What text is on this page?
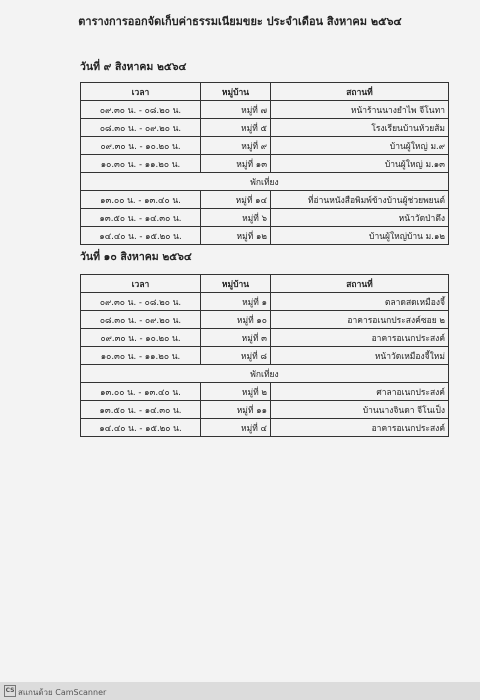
ตารางการออกจัดเก็บค่าธรรมเนียมขยะ ประจำเดือน สิงหาคม ๒๕๖๔
วันที่ ๙ สิงหาคม ๒๕๖๔
เวลา	หมู่บ้าน	สถานที่
๐๙.๓๐ น. - ๐๘.๒๐ น.	หมู่ที่ ๗	หน้าร้านนางยำไพ จีโนทา
๐๘.๓๐ น. - ๐๙.๒๐ น.	หมู่ที่ ๕	โรงเรียนบ้านห้วยส้ม
๐๙.๓๐ น. - ๑๐.๒๐ น.	หมู่ที่ ๙	บ้านผู้ใหญ่ ม.๙
๑๐.๓๐ น. - ๑๑.๒๐ น.	หมู่ที่ ๑๓	บ้านผู้ใหญ่ ม.๑๓
พักเที่ยง		
๑๓.๐๐ น. - ๑๓.๔๐ น.	หมู่ที่ ๑๔	ที่อ่านหนังสือพิมพ์ข้างบ้านผู้ช่วยพยนต์
๑๓.๕๐ น. - ๑๔.๓๐ น.	หมู่ที่ ๖	หน้าวัดป่าตึง
๑๔.๔๐ น. - ๑๕.๒๐ น.	หมู่ที่ ๑๒	บ้านผู้ใหญ่บ้าน ม.๑๒
วันที่ ๑๐ สิงหาคม ๒๕๖๔
เวลา	หมู่บ้าน	สถานที่
๐๙.๓๐ น. - ๐๘.๒๐ น.	หมู่ที่ ๑	ตลาดสดเหมืองจี้
๐๘.๓๐ น. - ๐๙.๒๐ น.	หมู่ที่ ๑๐	อาคารอเนกประสงค์ซอย ๒
๐๙.๓๐ น. - ๑๐.๒๐ น.	หมู่ที่ ๓	อาคารอเนกประสงค์
๑๐.๓๐ น. - ๑๑.๒๐ น.	หมู่ที่ ๘	หน้าวัดเหมืองจี้ใหม่
พักเที่ยง		
๑๓.๐๐ น. - ๑๓.๔๐ น.	หมู่ที่ ๒	ศาลาอเนกประสงค์
๑๓.๕๐ น. - ๑๔.๓๐ น.	หมู่ที่ ๑๑	บ้านนางจินดา จีโนเป็ง
๑๔.๔๐ น. - ๑๕.๒๐ น.	หมู่ที่ ๔	อาคารอเนกประสงค์
CS สแกนด้วย CamScanner
